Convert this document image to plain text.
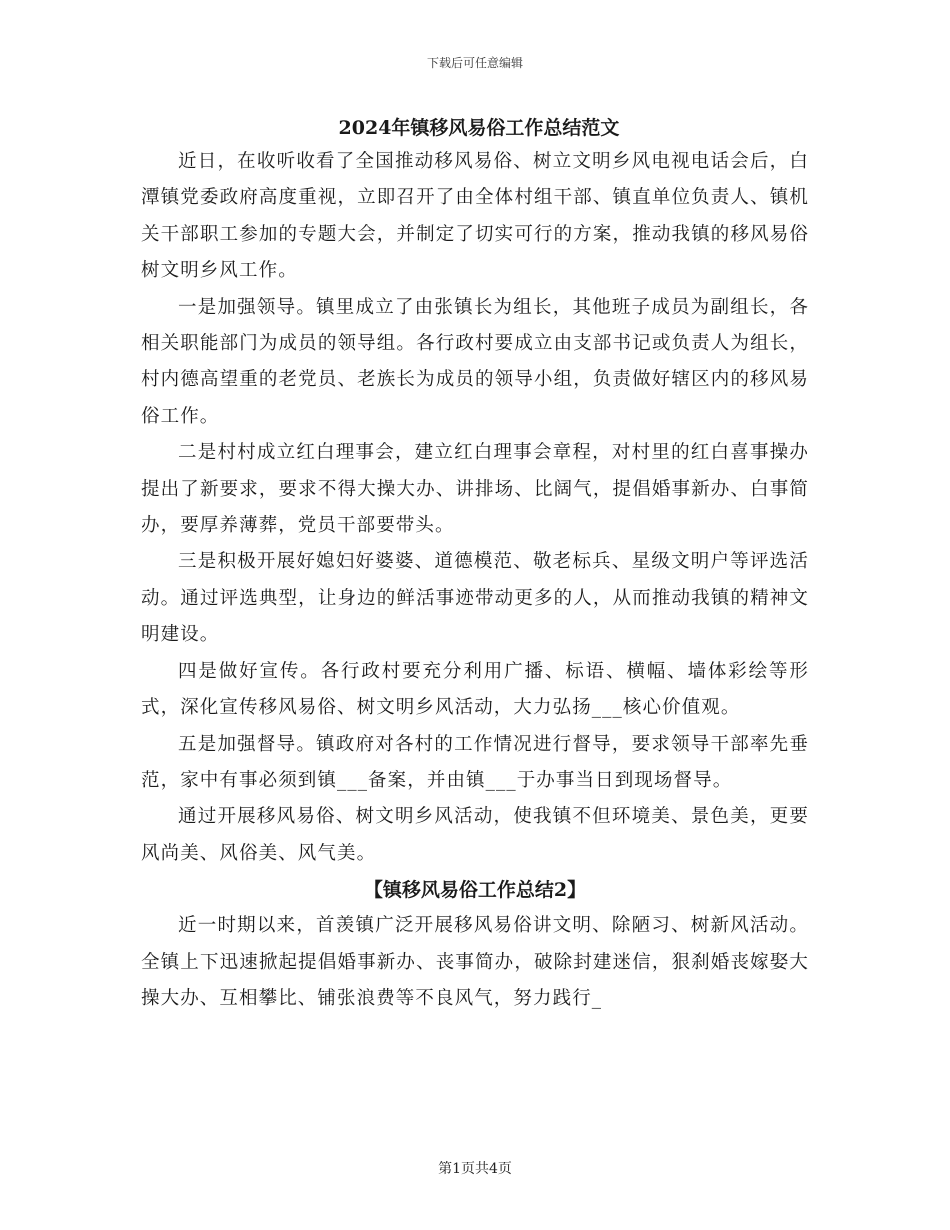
下载后可任意编辑
2024年镇移风易俗工作总结范文

近日，在收听收看了全国推动移风易俗、树立文明乡风电视电话会后，白潭镇党委政府高度重视，立即召开了由全体村组干部、镇直单位负责人、镇机关干部职工参加的专题大会，并制定了切实可行的方案，推动我镇的移风易俗树文明乡风工作。

一是加强领导。镇里成立了由张镇长为组长，其他班子成员为副组长，各相关职能部门为成员的领导组。各行政村要成立由支部书记或负责人为组长，村内德高望重的老党员、老族长为成员的领导小组，负责做好辖区内的移风易俗工作。

二是村村成立红白理事会，建立红白理事会章程，对村里的红白喜事操办提出了新要求，要求不得大操大办、讲排场、比阔气，提倡婚事新办、白事简办，要厚养薄葬，党员干部要带头。

三是积极开展好媳妇好婆婆、道德模范、敬老标兵、星级文明户等评选活动。通过评选典型，让身边的鲜活事迹带动更多的人，从而推动我镇的精神文明建设。

四是做好宣传。各行政村要充分利用广播、标语、横幅、墙体彩绘等形式，深化宣传移风易俗、树文明乡风活动，大力弘扬___核心价值观。

五是加强督导。镇政府对各村的工作情况进行督导，要求领导干部率先垂范，家中有事必须到镇___备案，并由镇___于办事当日到现场督导。

通过开展移风易俗、树文明乡风活动，使我镇不但环境美、景色美，更要风尚美、风俗美、风气美。

【镇移风易俗工作总结2】

近一时期以来，首羡镇广泛开展移风易俗讲文明、除陋习、树新风活动。全镇上下迅速掀起提倡婚事新办、丧事简办，破除封建迷信，狠刹婚丧嫁娶大操大办、互相攀比、铺张浪费等不良风气，努力践行_

第1页共4页
